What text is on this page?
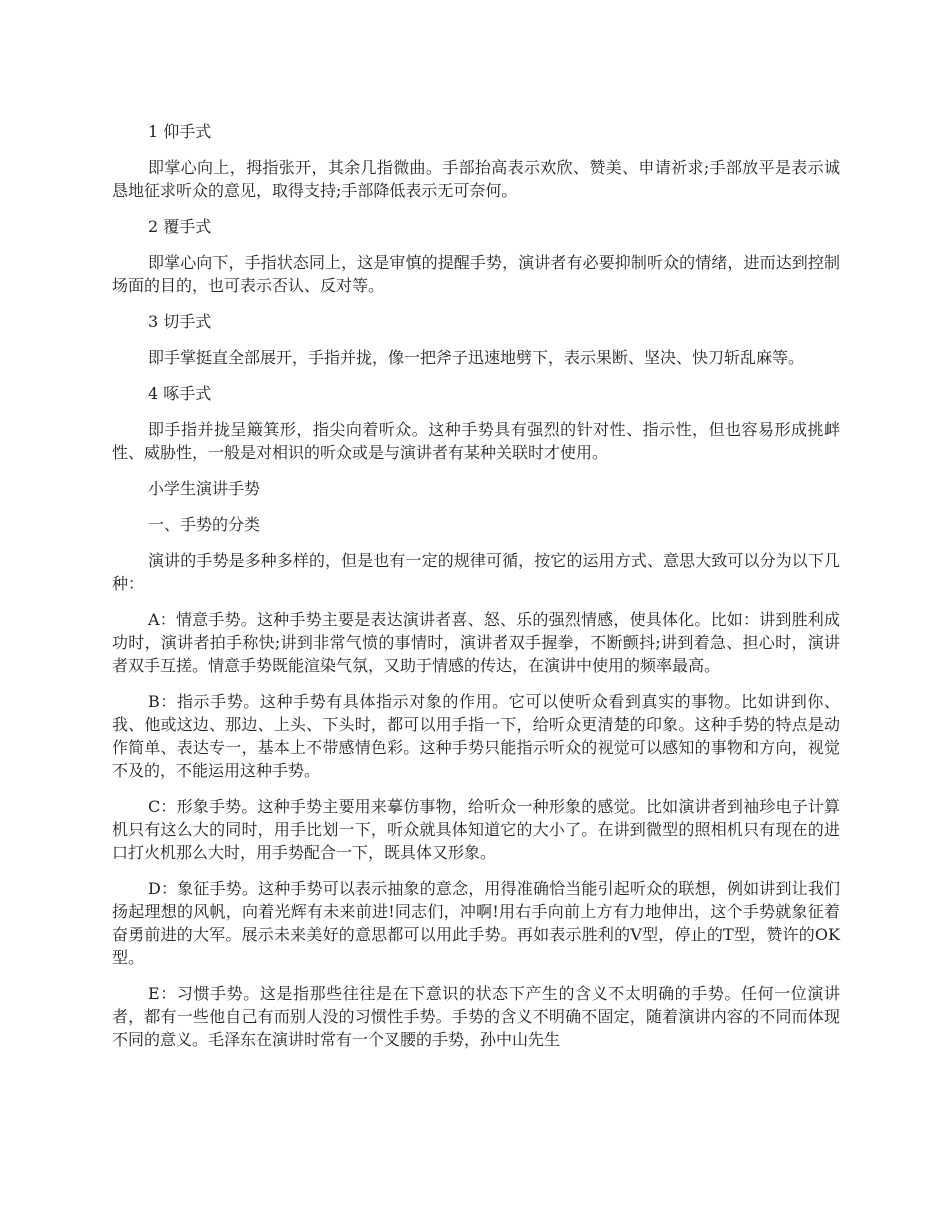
1 仰手式

即掌心向上，拇指张开，其余几指微曲。手部抬高表示欢欣、赞美、申请祈求;手部放平是表示诚恳地征求听众的意见，取得支持;手部降低表示无可奈何。

2 覆手式

即掌心向下，手指状态同上，这是审慎的提醒手势，演讲者有必要抑制听众的情绪，进而达到控制场面的目的，也可表示否认、反对等。

3 切手式

即手掌挺直全部展开，手指并拢，像一把斧子迅速地劈下，表示果断、坚决、快刀斩乱麻等。

4 啄手式

即手指并拢呈簸箕形，指尖向着听众。这种手势具有强烈的针对性、指示性，但也容易形成挑衅性、威胁性，一般是对相识的听众或是与演讲者有某种关联时才使用。

小学生演讲手势

一、手势的分类

演讲的手势是多种多样的，但是也有一定的规律可循，按它的运用方式、意思大致可以分为以下几种：

A：情意手势。这种手势主要是表达演讲者喜、怒、乐的强烈情感，使具体化。比如：讲到胜利成功时，演讲者拍手称快;讲到非常气愤的事情时，演讲者双手握拳，不断颤抖;讲到着急、担心时，演讲者双手互搓。情意手势既能渲染气氛，又助于情感的传达，在演讲中使用的频率最高。

B：指示手势。这种手势有具体指示对象的作用。它可以使听众看到真实的事物。比如讲到你、我、他或这边、那边、上头、下头时，都可以用手指一下，给听众更清楚的印象。这种手势的特点是动作简单、表达专一，基本上不带感情色彩。这种手势只能指示听众的视觉可以感知的事物和方向，视觉不及的，不能运用这种手势。

C：形象手势。这种手势主要用来摹仿事物，给听众一种形象的感觉。比如演讲者到袖珍电子计算机只有这么大的同时，用手比划一下，听众就具体知道它的大小了。在讲到微型的照相机只有现在的进口打火机那么大时，用手势配合一下，既具体又形象。

D：象征手势。这种手势可以表示抽象的意念，用得准确恰当能引起听众的联想，例如讲到让我们扬起理想的风帆，向着光辉有未来前进!同志们，冲啊!用右手向前上方有力地伸出，这个手势就象征着奋勇前进的大军。展示未来美好的意思都可以用此手势。再如表示胜利的V型，停止的T型，赞许的OK型。

E：习惯手势。这是指那些往往是在下意识的状态下产生的含义不太明确的手势。任何一位演讲者，都有一些他自己有而别人没的习惯性手势。手势的含义不明确不固定，随着演讲内容的不同而体现不同的意义。毛泽东在演讲时常有一个叉腰的手势，孙中山先生
